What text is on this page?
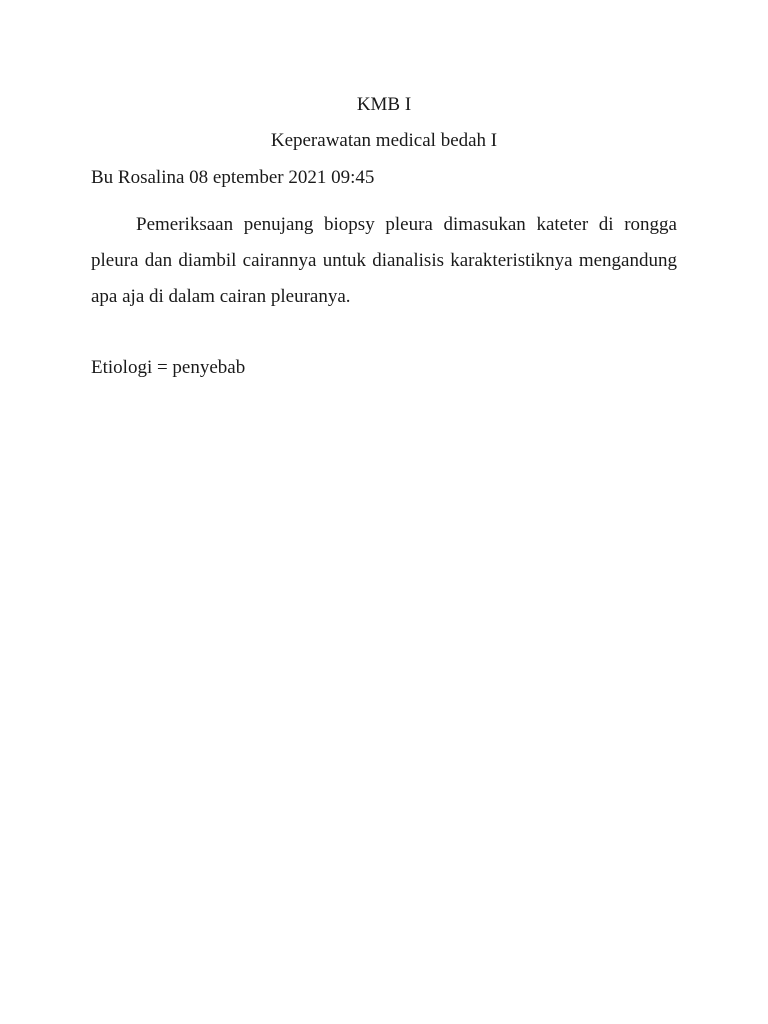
KMB I

Keperawatan medical bedah I

Bu Rosalina 08 eptember 2021 09:45

Pemeriksaan penujang biopsy pleura dimasukan kateter di rongga pleura dan diambil cairannya untuk dianalisis karakteristiknya mengandung apa aja di dalam cairan pleuranya.

Etiologi = penyebab
